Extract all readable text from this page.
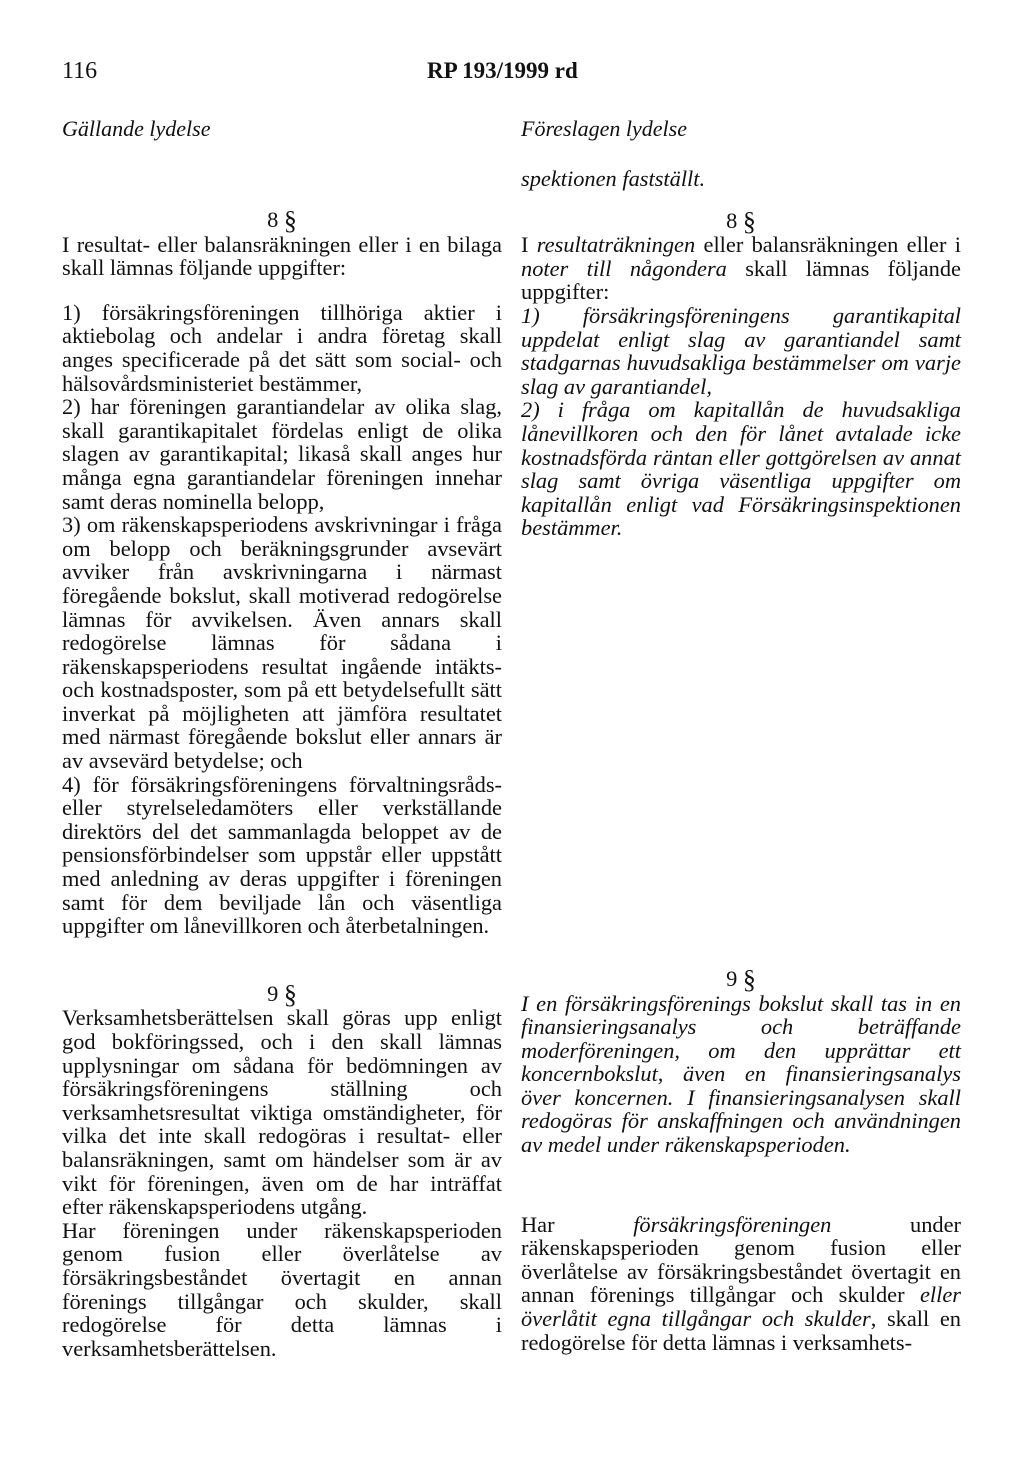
116	RP 193/1999 rd
Gällande lydelse	Föreslagen lydelse
8 §

I resultat- eller balansräkningen eller i en bilaga skall lämnas följande uppgifter:

1) försäkringsföreningen tillhöriga aktier i aktiebolag och andelar i andra företag skall anges specificerade på det sätt som social- och hälsovårdsministeriet bestämmer,

2) har föreningen garantiandelar av olika slag, skall garantikapitalet fördelas enligt de olika slagen av garantikapital; likaså skall anges hur många egna garantiandelar föreningen innehar samt deras nominella belopp,

3) om räkenskapsperiodens avskrivningar i fråga om belopp och beräkningsgrunder avsevärt avviker från avskrivningarna i närmast föregående bokslut, skall motiverad redogörelse lämnas för avvikelsen. Även annars skall redogörelse lämnas för sådana i räkenskapsperiodens resultat ingående intäkts- och kostnadsposter, som på ett betydelsefullt sätt inverkat på möjligheten att jämföra resultatet med närmast föregående bokslut eller annars är av avsevärd betydelse; och

4) för försäkringsföreningens förvaltningsråds- eller styrelseledamöters eller verkställande direktörs del det sammanlagda beloppet av de pensionsförbindelser som uppstår eller uppstått med anledning av deras uppgifter i föreningen samt för dem beviljade lån och väsentliga uppgifter om lånevillkoren och återbetalningen.

9 §

Verksamhetsberättelsen skall göras upp enligt god bokföringssed, och i den skall lämnas upplysningar om sådana för bedömningen av försäkringsföreningens ställning och verksamhetsresultat viktiga omständigheter, för vilka det inte skall redogöras i resultat- eller balansräkningen, samt om händelser som är av vikt för föreningen, även om de har inträffat efter räkenskapsperiodens utgång.

Har föreningen under räkenskapsperioden genom fusion eller överlåtelse av försäkringsbeståndet övertagit en annan förenings tillgångar och skulder, skall redogörelse för detta lämnas i verksamhetsberättelsen.

spektionen fastställt.

8 §

I resultaträkningen eller balansräkningen eller i noter till någondera skall lämnas följande uppgifter:

1) försäkringsföreningens garantikapital uppdelat enligt slag av garantiandel samt stadgarnas huvudsakliga bestämmelser om varje slag av garantiandel,

2) i fråga om kapitallån de huvudsakliga lånevillkoren och den för lånet avtalade icke kostnadsförda räntan eller gottgörelsen av annat slag samt övriga väsentliga uppgifter om kapitallån enligt vad Försäkringsinspektionen bestämmer.

9 §

I en försäkringsförenings bokslut skall tas in en finansieringsanalys och beträffande moderföreningen, om den upprättar ett koncernbokslut, även en finansieringsanalys över koncernen. I finansieringsanalysen skall redogöras för anskaffningen och användningen av medel under räkenskapsperioden.

Har försäkringsföreningen under räkenskapsperioden genom fusion eller överlåtelse av försäkringsbeståndet övertagit en annan förenings tillgångar och skulder eller överlåtit egna tillgångar och skulder, skall en redogörelse för detta lämnas i verksamhets-
